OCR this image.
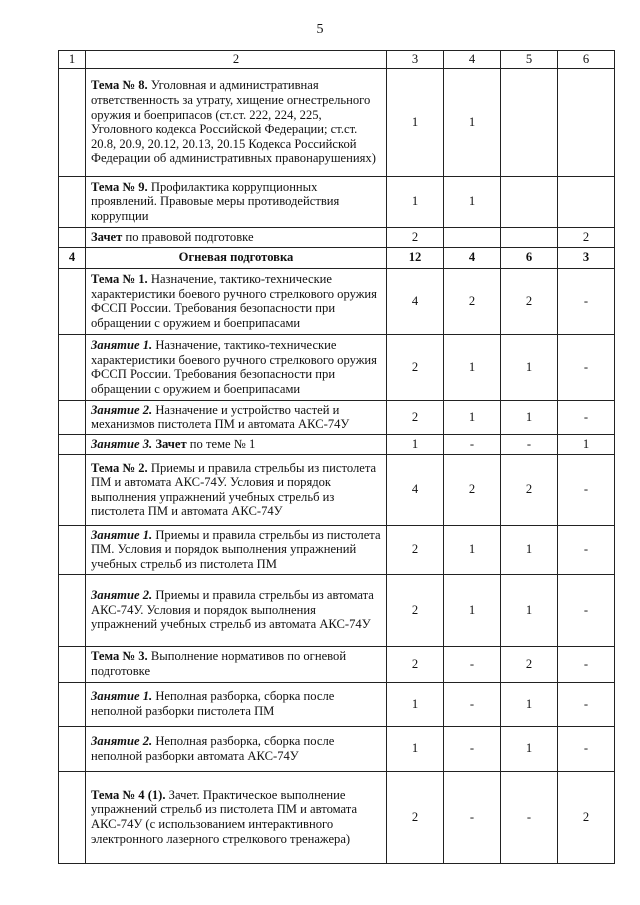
5
1	2	3	4	5	6
	Тема № 8. Уголовная и административная ответственность за утрату, хищение огнестрельного оружия и боеприпасов (ст.ст. 222, 224, 225, Уголовного кодекса Российской Федерации; ст.ст. 20.8, 20.9, 20.12, 20.13, 20.15 Кодекса Российской Федерации об административных правонарушениях)	1	1		
	Тема № 9. Профилактика коррупционных проявлений. Правовые меры противодействия коррупции	1	1		
	Зачет по правовой подготовке	2			2
4	Огневая подготовка	12	4	6	3
	Тема № 1. Назначение, тактико-технические характеристики боевого ручного стрелкового оружия ФССП России. Требования безопасности при обращении с оружием и боеприпасами	4	2	2	-
	Занятие 1. Назначение, тактико-технические характеристики боевого ручного стрелкового оружия ФССП России. Требования безопасности при обращении с оружием и боеприпасами	2	1	1	-
	Занятие 2. Назначение и устройство частей и механизмов пистолета ПМ и автомата АКС-74У	2	1	1	-
	Занятие 3. Зачет по теме № 1	1	-	-	1
	Тема № 2. Приемы и правила стрельбы из пистолета ПМ и автомата АКС-74У. Условия и порядок выполнения упражнений учебных стрельб из пистолета ПМ и автомата АКС-74У	4	2	2	-
	Занятие 1. Приемы и правила стрельбы из пистолета ПМ. Условия и порядок выполнения упражнений учебных стрельб из пистолета ПМ	2	1	1	-
	Занятие 2. Приемы и правила стрельбы из автомата АКС-74У. Условия и порядок выполнения упражнений учебных стрельб из автомата АКС-74У	2	1	1	-
	Тема № 3. Выполнение нормативов по огневой подготовке	2	-	2	-
	Занятие 1. Неполная разборка, сборка после неполной разборки пистолета ПМ	1	-	1	-
	Занятие 2. Неполная разборка, сборка после неполной разборки автомата АКС-74У	1	-	1	-
	Тема № 4 (1). Зачет. Практическое выполнение упражнений стрельб из пистолета ПМ и автомата АКС-74У (с использованием интерактивного электронного лазерного стрелкового тренажера)	2	-	-	2
